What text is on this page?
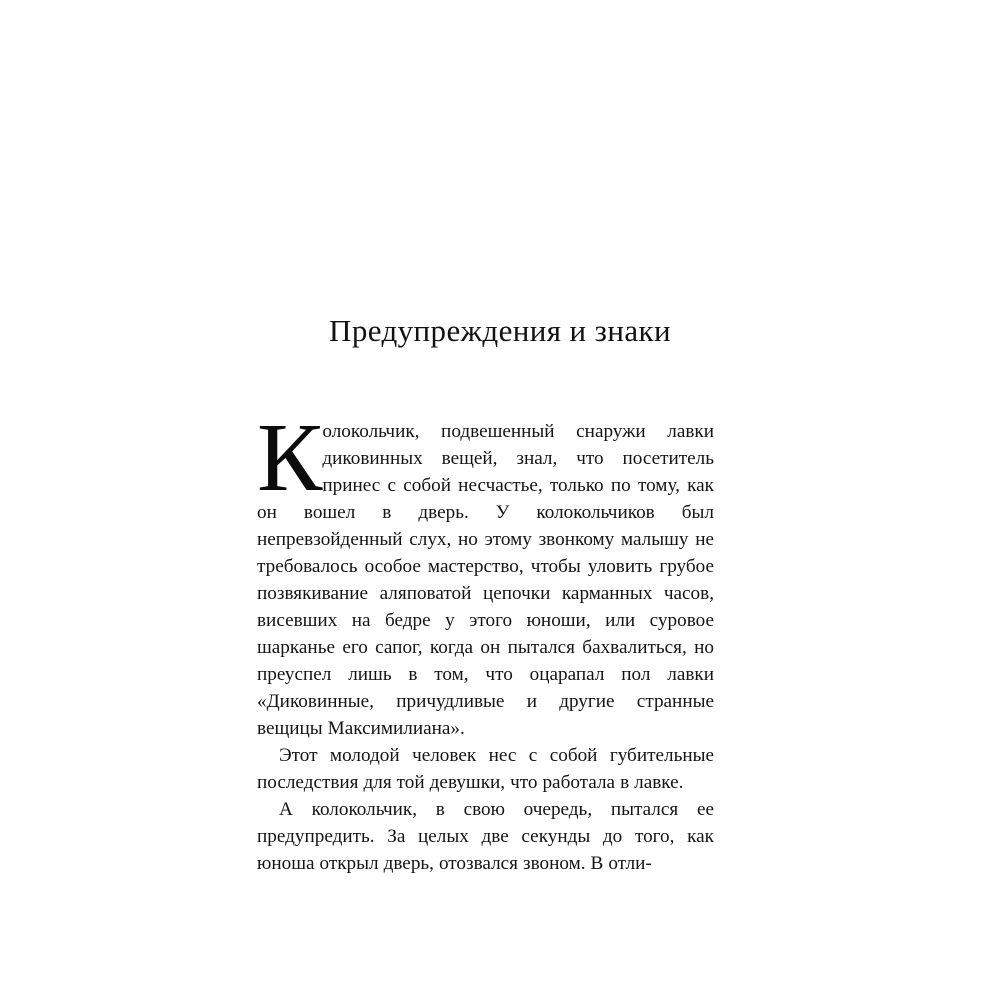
Предупреждения и знаки

Колокольчик, подвешенный снаружи лавки диковинных вещей, знал, что посетитель принес с собой несчастье, только по тому, как он вошел в дверь. У колокольчиков был непревзойденный слух, но этому звонкому малышу не требовалось особое мастерство, чтобы уловить грубое позвякивание аляповатой цепочки карманных часов, висевших на бедре у этого юноши, или суровое шарканье его сапог, когда он пытался бахвалиться, но преуспел лишь в том, что оцарапал пол лавки «Диковинные, причудливые и другие странные вещицы Максимилиана».

Этот молодой человек нес с собой губительные последствия для той девушки, что работала в лавке.

А колокольчик, в свою очередь, пытался ее предупредить. За целых две секунды до того, как юноша открыл дверь, отозвался звоном. В отли-
